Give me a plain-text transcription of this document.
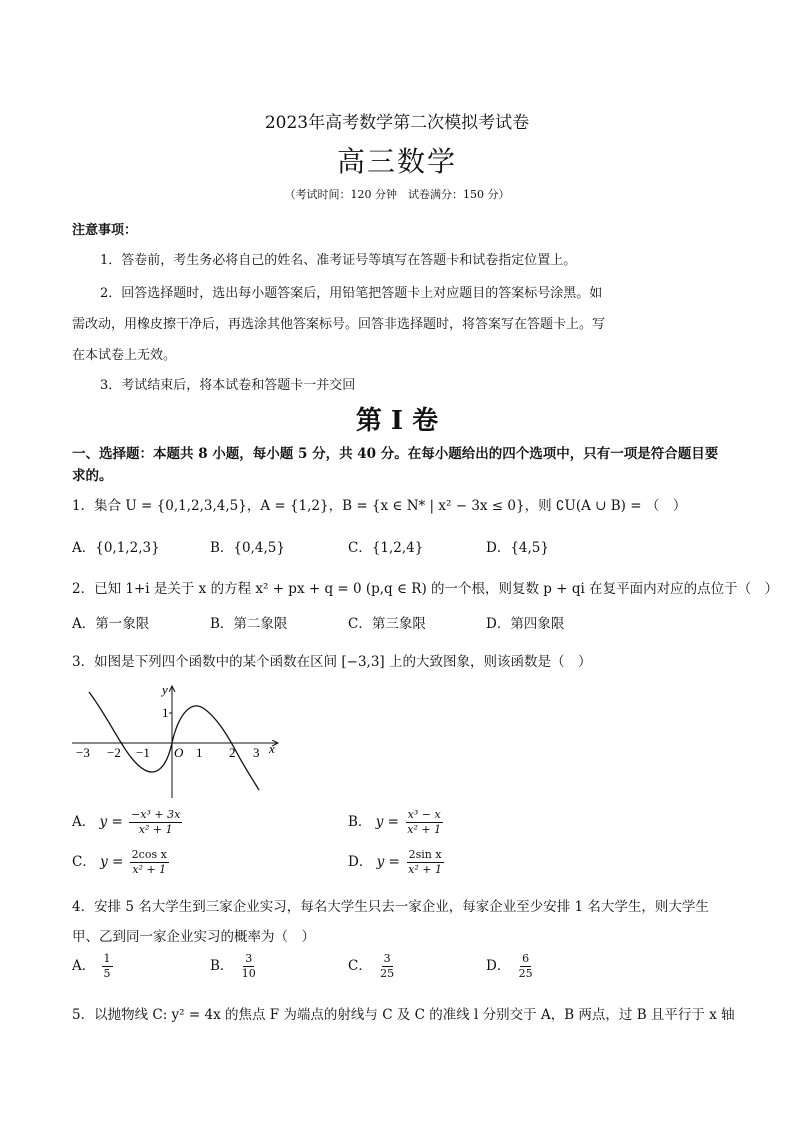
2023年高考数学第二次模拟考试卷
高三数学
（考试时间：120 分钟　试卷满分：150 分）
注意事项：
1．答卷前，考生务必将自己的姓名、准考证号等填写在答题卡和试卷指定位置上。
2．回答选择题时，选出每小题答案后，用铅笔把答题卡上对应题目的答案标号涂黑。如
需改动，用橡皮擦干净后，再选涂其他答案标号。回答非选择题时，将答案写在答题卡上。写
在本试卷上无效。
3．考试结束后，将本试卷和答题卡一并交回
第 I 卷
一、选择题：本题共 8 小题，每小题 5 分，共 40 分。在每小题给出的四个选项中，只有一项是符合题目要
求的。
1．集合 U = {0,1,2,3,4,5}，A = {1,2}，B = {x ∈ N* | x² − 3x ≤ 0}，则 ∁U(A ∪ B) = （　）
A．{0,1,2,3}	B．{0,4,5}	C．{1,2,4}	D．{4,5}
2．已知 1+i 是关于 x 的方程 x² + px + q = 0 (p,q ∈ R) 的一个根，则复数 p + qi 在复平面内对应的点位于（　）
A．第一象限	B．第二象限	C．第三象限	D．第四象限
3．如图是下列四个函数中的某个函数在区间 [−3,3] 上的大致图象，则该函数是（　）
−3 −2 −1 O 1 2 3
1
x
y
A． $y = \frac{\text{−x³ + 3x}}{\text{x² + 1}}$	B． $y = \frac{\text{x³ − x}}{\text{x² + 1}}$
C． $y = \frac{\text{2cos x}}{\text{x² + 1}}$	D． $y = \frac{\text{2sin x}}{\text{x² + 1}}$
4．安排 5 名大学生到三家企业实习，每名大学生只去一家企业，每家企业至少安排 1 名大学生，则大学生
甲、乙到同一家企业实习的概率为（　）
A． $\frac{1}{5}$	B． $\frac{3}{10}$	C． $\frac{3}{25}$	D． $\frac{6}{25}$
5．以抛物线 C: y² = 4x 的焦点 F 为端点的射线与 C 及 C 的准线 l 分别交于 A，B 两点，过 B 且平行于 x 轴
